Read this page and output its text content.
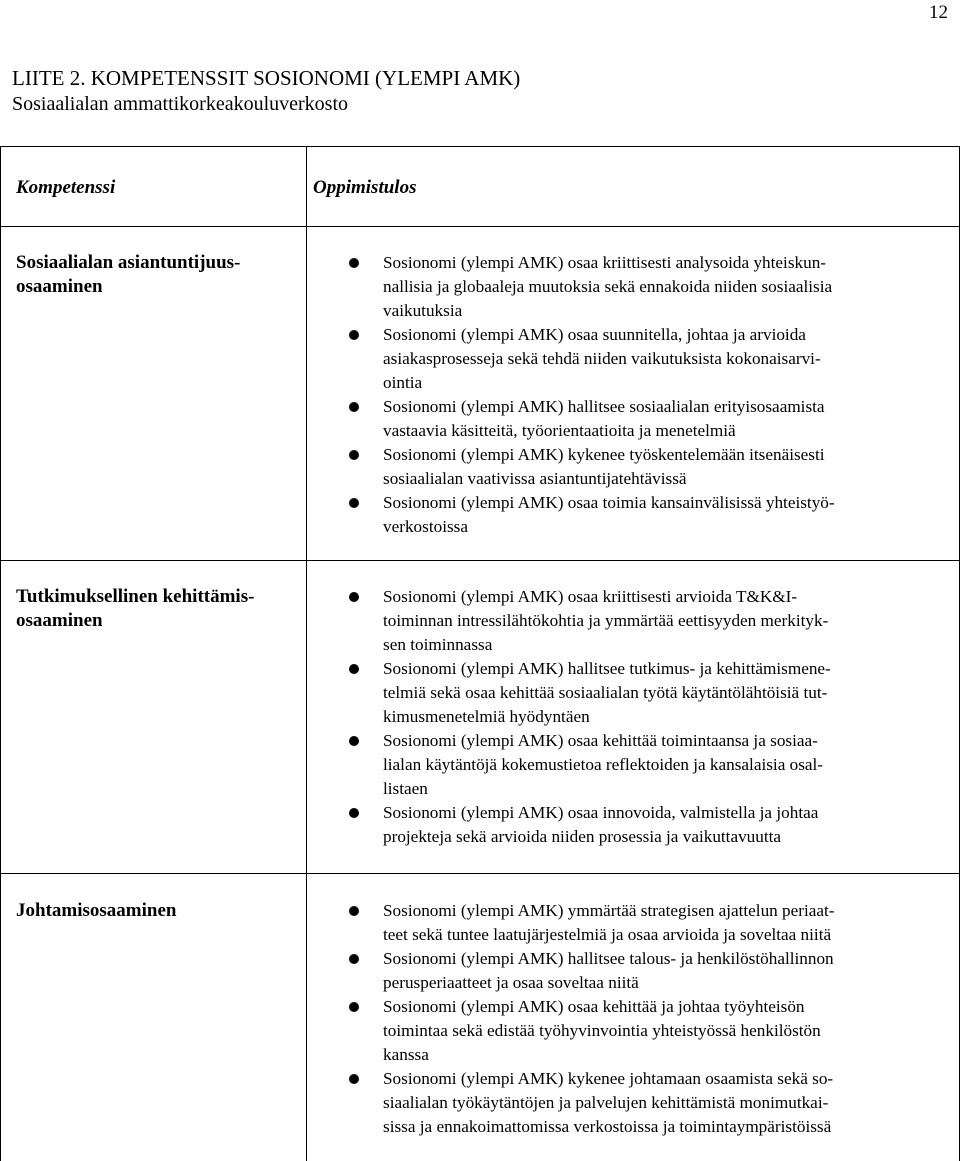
12
LIITE 2. KOMPETENSSIT SOSIONOMI (YLEMPI AMK)
Sosiaalialan ammattikorkeakouluverkosto
Kompetenssi	Oppimistulos
Sosiaalialan asiantuntijuus-
osaaminen
Sosionomi (ylempi AMK) osaa kriittisesti analysoida yhteiskun-
nallisia ja globaaleja muutoksia sekä ennakoida niiden sosiaalisia
vaikutuksia
Sosionomi (ylempi AMK) osaa suunnitella, johtaa ja arvioida
asiakasprosesseja sekä tehdä niiden vaikutuksista kokonaisarvi-
ointia
Sosionomi (ylempi AMK) hallitsee sosiaalialan erityisosaamista
vastaavia käsitteitä, työorientaatioita ja menetelmiä
Sosionomi (ylempi AMK) kykenee työskentelemään itsenäisesti
sosiaalialan vaativissa asiantuntijatehtävissä
Sosionomi (ylempi AMK) osaa toimia kansainvälisissä yhteistyö-
verkostoissa
Tutkimuksellinen kehittämis-
osaaminen
Sosionomi (ylempi AMK) osaa kriittisesti arvioida T&K&I-
toiminnan intressilähtökohtia ja ymmärtää eettisyyden merkityk-
sen toiminnassa
Sosionomi (ylempi AMK) hallitsee tutkimus- ja kehittämismene-
telmiä sekä osaa kehittää sosiaalialan työtä käytäntölähtöisiä tut-
kimusmenetelmiä hyödyntäen
Sosionomi (ylempi AMK) osaa kehittää toimintaansa ja sosiaa-
lialan käytäntöjä kokemustietoa reflektoiden ja kansalaisia osal-
listaen
Sosionomi (ylempi AMK) osaa innovoida, valmistella ja johtaa
projekteja sekä arvioida niiden prosessia ja vaikuttavuutta
Johtamisosaaminen	Sosionomi (ylempi AMK) ymmärtää strategisen ajattelun periaat-
teet sekä tuntee laatujärjestelmiä ja osaa arvioida ja soveltaa niitä
Sosionomi (ylempi AMK) hallitsee talous- ja henkilöstöhallinnon
perusperiaatteet ja osaa soveltaa niitä
Sosionomi (ylempi AMK) osaa kehittää ja johtaa työyhteisön
toimintaa sekä edistää työhyvinvointia yhteistyössä henkilöstön
kanssa
Sosionomi (ylempi AMK) kykenee johtamaan osaamista sekä so-
siaalialan työkäytäntöjen ja palvelujen kehittämistä monimutkai-
sissa ja ennakoimattomissa verkostoissa ja toimintaympäristöissä
